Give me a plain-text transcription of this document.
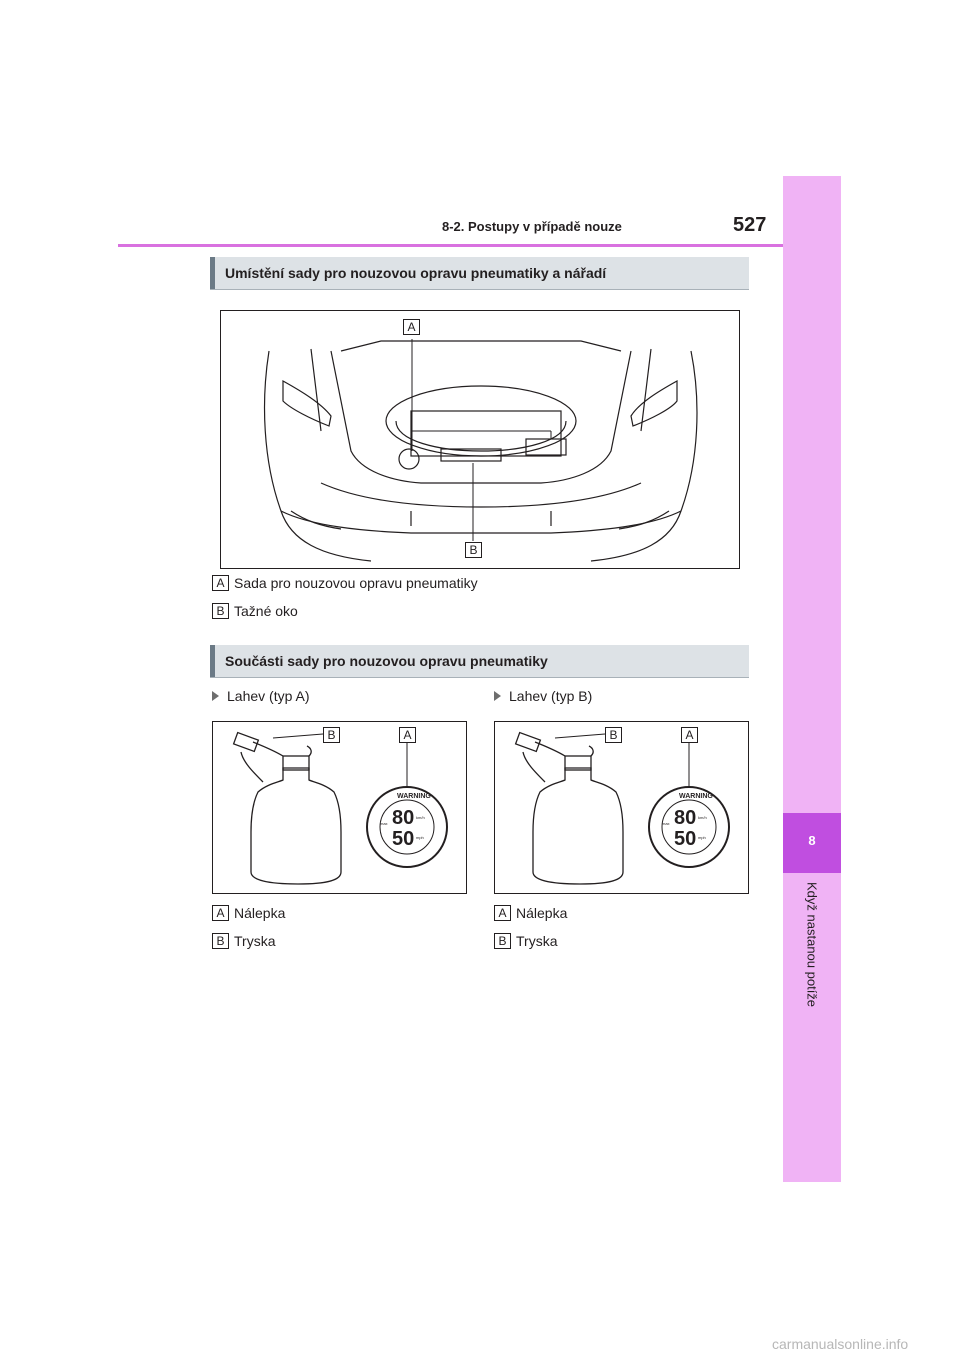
8
Když nastanou potíže
8-2. Postupy v případě nouze	527
Umístění sady pro nouzovou opravu pneumatiky a nářadí
A
B
A Sada pro nouzovou opravu pneumatiky
B Tažné oko
Součásti sady pro nouzovou opravu pneumatiky
Lahev (typ A)
80
50
WARNING
km/h
mph
max
B	A
A Nálepka
B Tryska
Lahev (typ B)
80
50
WARNING
km/h
mph
max
B	A
A Nálepka
B Tryska
carmanualsonline.info
